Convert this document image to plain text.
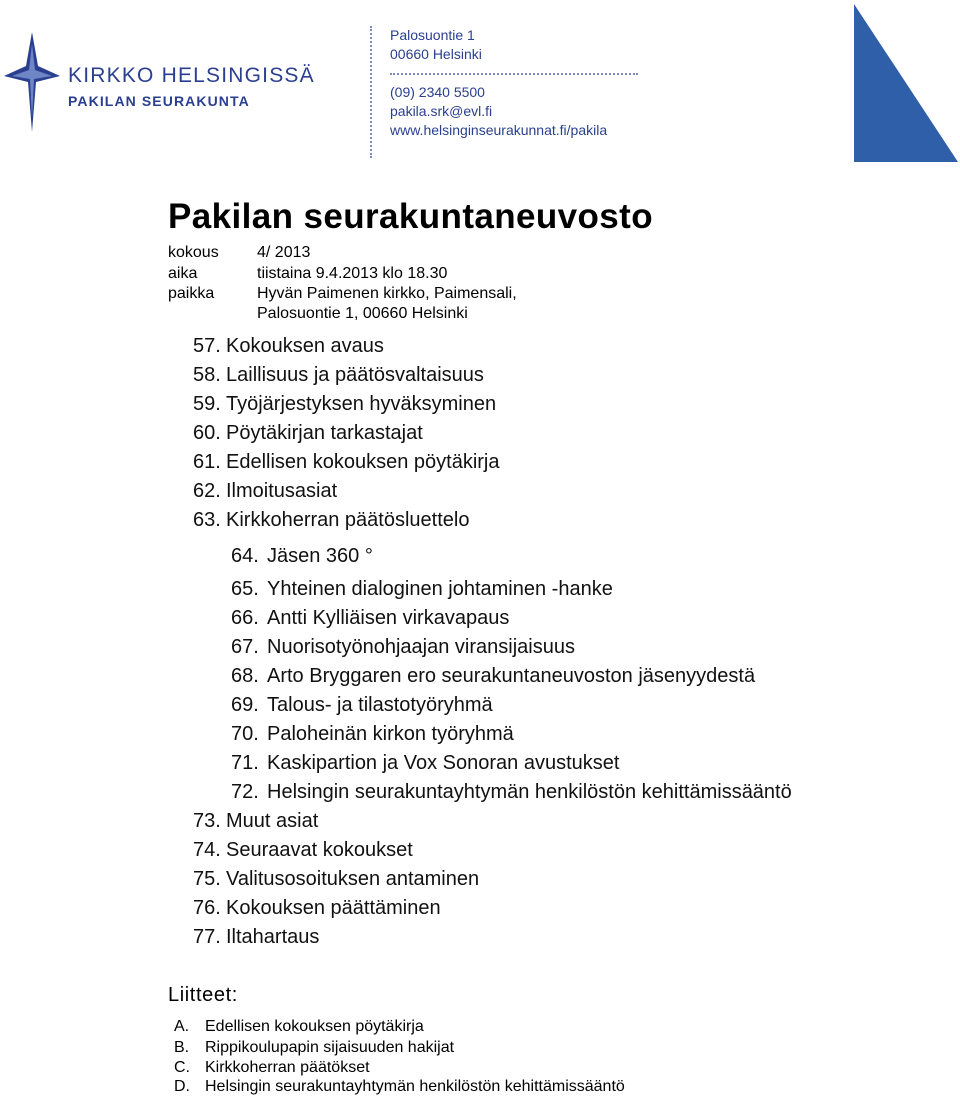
KIRKKO HELSINGISSÄ
PAKILAN SEURAKUNTA
Palosuontie 1
00660 Helsinki
(09) 2340 5500
pakila.srk@evl.fi
www.helsinginseurakunnat.fi/pakila
Pakilan seurakuntaneuvosto
kokous 4/ 2013
aika	tiistaina 9.4.2013 klo 18.30
paikka	Hyvän Paimenen kirkko, Paimensali,
Palosuontie 1, 00660 Helsinki
57. Kokouksen avaus
58. Laillisuus ja päätösvaltaisuus
59. Työjärjestyksen hyväksyminen
60. Pöytäkirjan tarkastajat
61. Edellisen kokouksen pöytäkirja
62. Ilmoitusasiat
63. Kirkkoherran päätösluettelo
64. Jäsen 360 °
65. Yhteinen dialoginen johtaminen -hanke
66. Antti Kylliäisen virkavapaus
67. Nuorisotyönohjaajan viransijaisuus
68. Arto Bryggaren ero seurakuntaneuvoston jäsenyydestä
69. Talous- ja tilastotyöryhmä
70. Paloheinän kirkon työryhmä
71. Kaskipartion ja Vox Sonoran avustukset
72. Helsingin seurakuntayhtymän henkilöstön kehittämissääntö
73. Muut asiat
74. Seuraavat kokoukset
75. Valitusosoituksen antaminen
76. Kokouksen päättäminen
77. Iltahartaus
Liitteet:
A. Edellisen kokouksen pöytäkirja
B. Rippikoulupapin sijaisuuden hakijat
C. Kirkkoherran päätökset
D. Helsingin seurakuntayhtymän henkilöstön kehittämissääntö
